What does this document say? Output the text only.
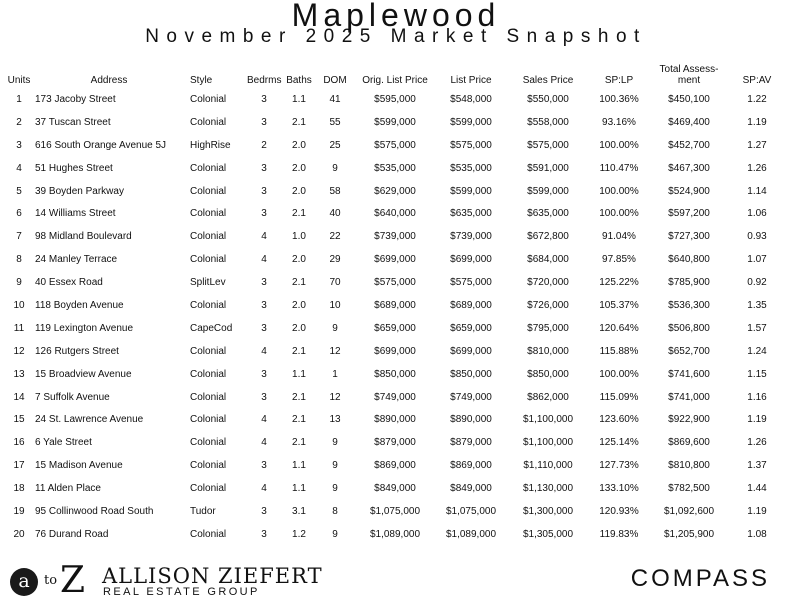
Maplewood
November 2025 Market Snapshot
Units	Address	Style	Bedrms	Baths	DOM	Orig. List Price	List Price	Sales Price	SP:LP	Total Assess-ment	SP:AV
1	173 Jacoby Street	Colonial	3	1.1	41	$595,000	$548,000	$550,000	100.36%	$450,100	1.22
2	37 Tuscan Street	Colonial	3	2.1	55	$599,000	$599,000	$558,000	93.16%	$469,400	1.19
3	616 South Orange Avenue 5J	HighRise	2	2.0	25	$575,000	$575,000	$575,000	100.00%	$452,700	1.27
4	51 Hughes Street	Colonial	3	2.0	9	$535,000	$535,000	$591,000	110.47%	$467,300	1.26
5	39 Boyden Parkway	Colonial	3	2.0	58	$629,000	$599,000	$599,000	100.00%	$524,900	1.14
6	14 Williams Street	Colonial	3	2.1	40	$640,000	$635,000	$635,000	100.00%	$597,200	1.06
7	98 Midland Boulevard	Colonial	4	1.0	22	$739,000	$739,000	$672,800	91.04%	$727,300	0.93
8	24 Manley Terrace	Colonial	4	2.0	29	$699,000	$699,000	$684,000	97.85%	$640,800	1.07
9	40 Essex Road	SplitLev	3	2.1	70	$575,000	$575,000	$720,000	125.22%	$785,900	0.92
10	118 Boyden Avenue	Colonial	3	2.0	10	$689,000	$689,000	$726,000	105.37%	$536,300	1.35
11	119 Lexington Avenue	CapeCod	3	2.0	9	$659,000	$659,000	$795,000	120.64%	$506,800	1.57
12	126 Rutgers Street	Colonial	4	2.1	12	$699,000	$699,000	$810,000	115.88%	$652,700	1.24
13	15 Broadview Avenue	Colonial	3	1.1	1	$850,000	$850,000	$850,000	100.00%	$741,600	1.15
14	7 Suffolk Avenue	Colonial	3	2.1	12	$749,000	$749,000	$862,000	115.09%	$741,000	1.16
15	24 St. Lawrence Avenue	Colonial	4	2.1	13	$890,000	$890,000	$1,100,000	123.60%	$922,900	1.19
16	6 Yale Street	Colonial	4	2.1	9	$879,000	$879,000	$1,100,000	125.14%	$869,600	1.26
17	15 Madison Avenue	Colonial	3	1.1	9	$869,000	$869,000	$1,110,000	127.73%	$810,800	1.37
18	11 Alden Place	Colonial	4	1.1	9	$849,000	$849,000	$1,130,000	133.10%	$782,500	1.44
19	95 Collinwood Road South	Tudor	3	3.1	8	$1,075,000	$1,075,000	$1,300,000	120.93%	$1,092,600	1.19
20	76 Durand Road	Colonial	3	1.2	9	$1,089,000	$1,089,000	$1,305,000	119.83%	$1,205,900	1.08
a	to Z ALLISON ZIEFERT
REAL ESTATE GROUP	COMPASS
